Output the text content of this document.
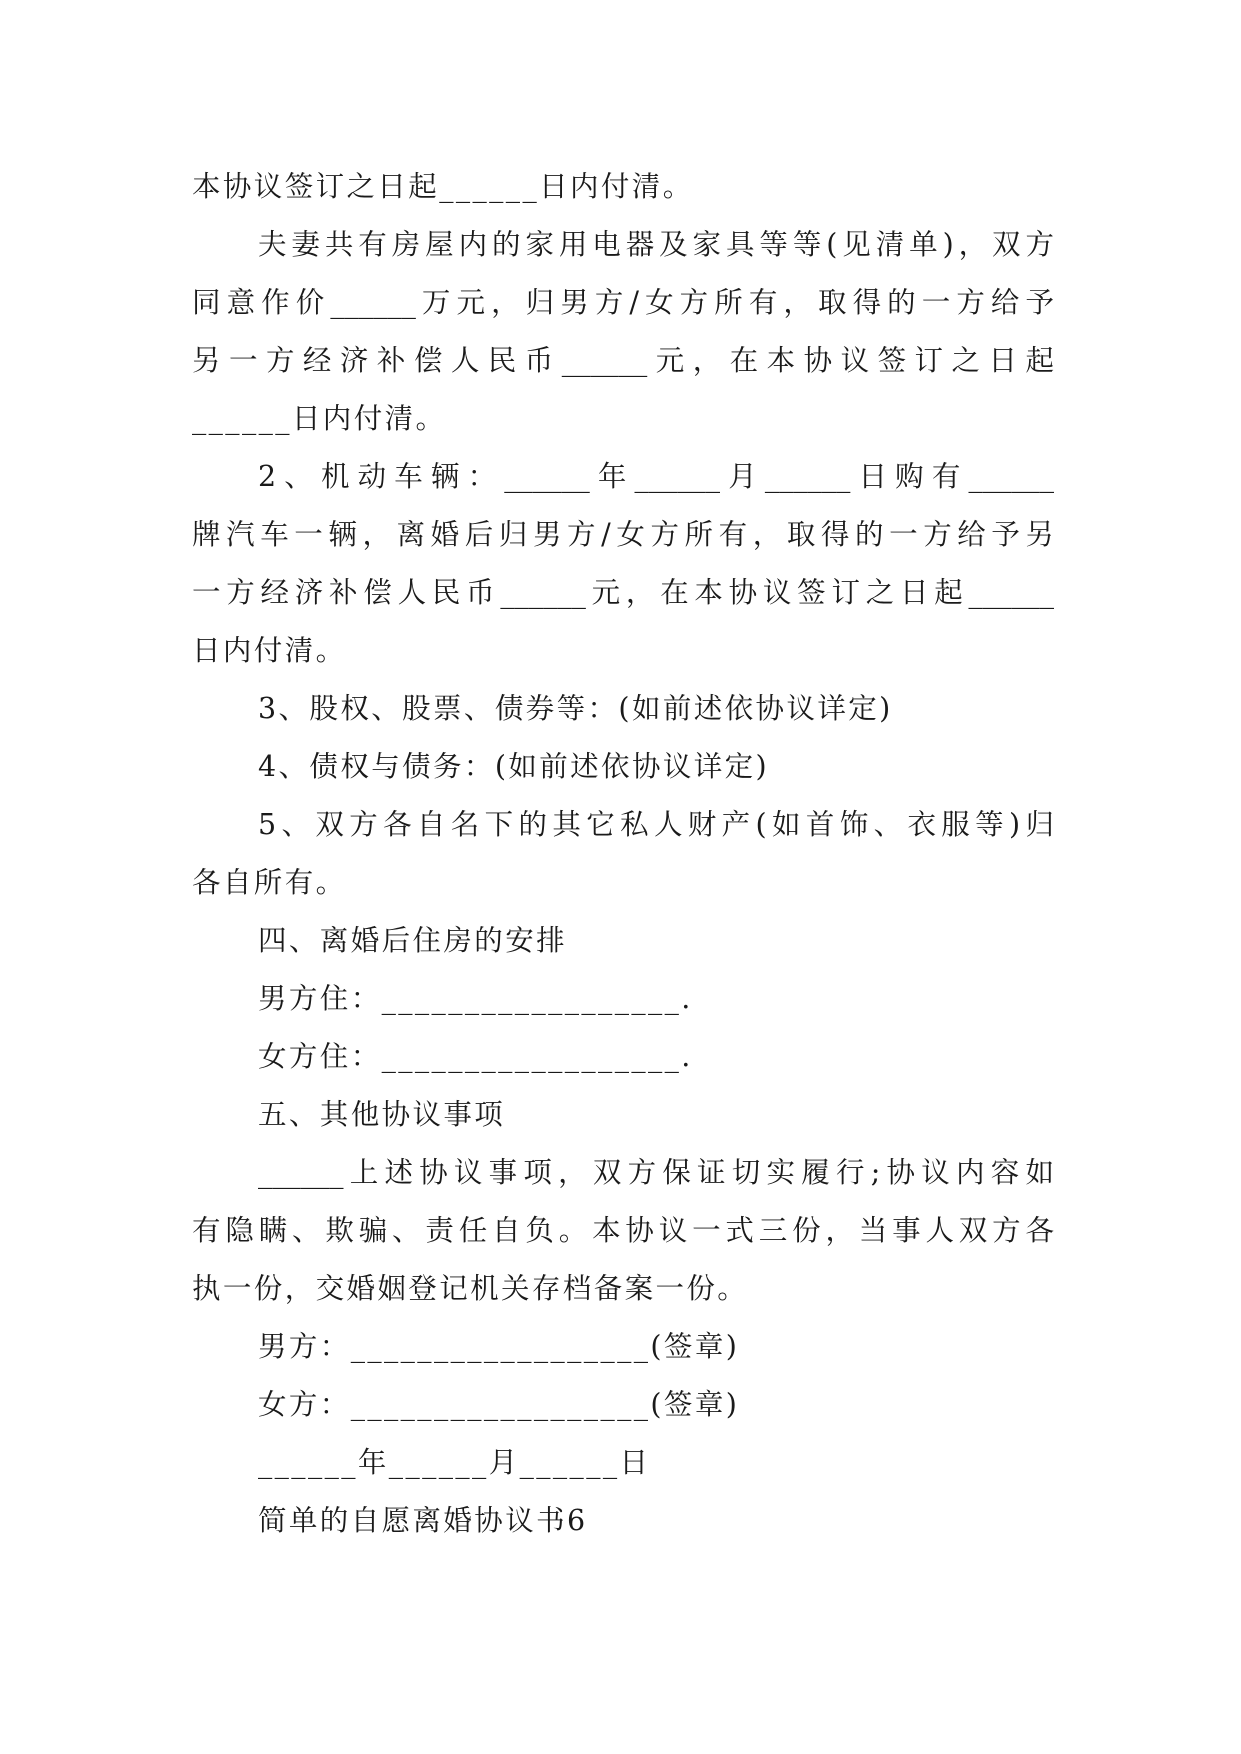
本协议签订之日起______日内付清。
夫妻共有房屋内的家用电器及家具等等(见清单)，双方
同意作价______万元，归男方/女方所有，取得的一方给予
另一方经济补偿人民币______元，在本协议签订之日起
______日内付清。
2、机动车辆：______年______月______日购有______
牌汽车一辆，离婚后归男方/女方所有，取得的一方给予另
一方经济补偿人民币______元，在本协议签订之日起______
日内付清。
3、股权、股票、债券等：(如前述依协议详定)
4、债权与债务：(如前述依协议详定)
5、双方各自名下的其它私人财产(如首饰、衣服等)归
各自所有。
四、离婚后住房的安排
男方住：__________________.
女方住：__________________.
五、其他协议事项
______上述协议事项，双方保证切实履行;协议内容如
有隐瞒、欺骗、责任自负。本协议一式三份，当事人双方各
执一份，交婚姻登记机关存档备案一份。
男方：__________________(签章)
女方：__________________(签章)
______年______月______日
简单的自愿离婚协议书6
